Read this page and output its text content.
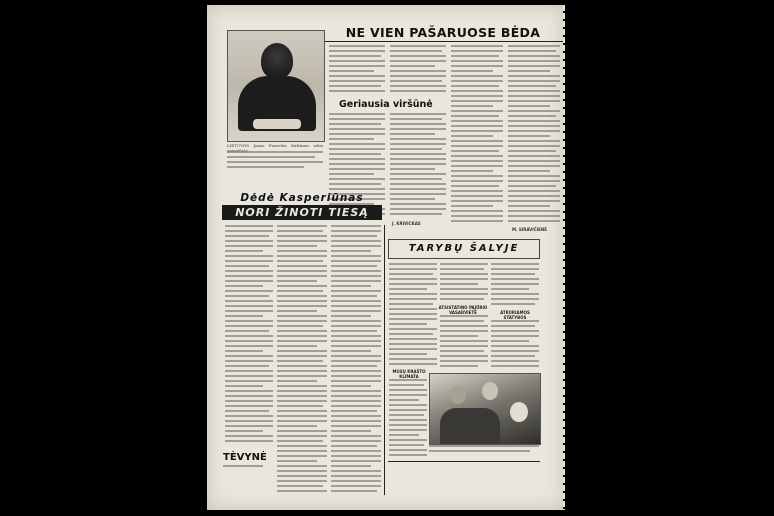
NE VIEN PAŠARUOSE BĖDA
LIETUVOS Jonas Puzeritis dirbtinės odos
M. SIRAVIČIENĖ
Geriausia viršūnė
J. KRIVICKAS
Dėdė Kasperiūnas
NORI ŽINOTI TIESĄ
TARYBŲ ŠALYJE
ATSISTATINO PAJŪRIO VASARVIETĖ	ATKURIAMOS STATYBOS
MUSŲ KRAŠTO KLIMATA
TĖVYNĖ
